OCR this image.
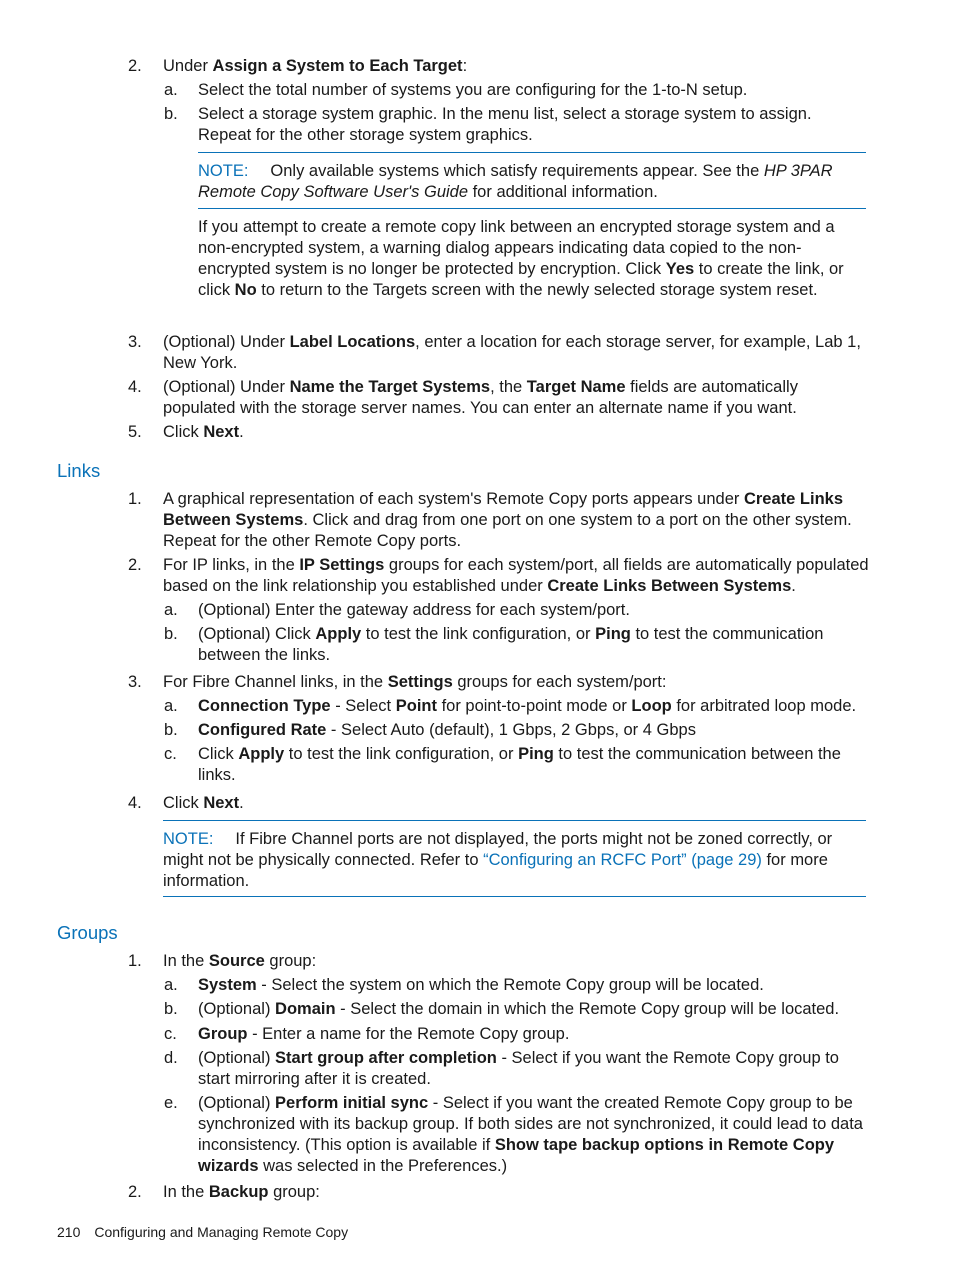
2. Under Assign a System to Each Target:
a. Select the total number of systems you are configuring for the 1-to-N setup.
b. Select a storage system graphic. In the menu list, select a storage system to assign. Repeat for the other storage system graphics.
NOTE: Only available systems which satisfy requirements appear. See the HP 3PAR Remote Copy Software User's Guide for additional information.
If you attempt to create a remote copy link between an encrypted storage system and a non-encrypted system, a warning dialog appears indicating data copied to the non-encrypted system is no longer be protected by encryption. Click Yes to create the link, or click No to return to the Targets screen with the newly selected storage system reset.
3. (Optional) Under Label Locations, enter a location for each storage server, for example, Lab 1, New York.
4. (Optional) Under Name the Target Systems, the Target Name fields are automatically populated with the storage server names. You can enter an alternate name if you want.
5. Click Next.
Links
1. A graphical representation of each system's Remote Copy ports appears under Create Links Between Systems. Click and drag from one port on one system to a port on the other system. Repeat for the other Remote Copy ports.
2. For IP links, in the IP Settings groups for each system/port, all fields are automatically populated based on the link relationship you established under Create Links Between Systems.
a. (Optional) Enter the gateway address for each system/port.
b. (Optional) Click Apply to test the link configuration, or Ping to test the communication between the links.
3. For Fibre Channel links, in the Settings groups for each system/port:
a. Connection Type - Select Point for point-to-point mode or Loop for arbitrated loop mode.
b. Configured Rate - Select Auto (default), 1 Gbps, 2 Gbps, or 4 Gbps
c. Click Apply to test the link configuration, or Ping to test the communication between the links.
4. Click Next.
NOTE: If Fibre Channel ports are not displayed, the ports might not be zoned correctly, or might not be physically connected. Refer to “Configuring an RCFC Port” (page 29) for more information.
Groups
1. In the Source group:
a. System - Select the system on which the Remote Copy group will be located.
b. (Optional) Domain - Select the domain in which the Remote Copy group will be located.
c. Group - Enter a name for the Remote Copy group.
d. (Optional) Start group after completion - Select if you want the Remote Copy group to start mirroring after it is created.
e. (Optional) Perform initial sync - Select if you want the created Remote Copy group to be synchronized with its backup group. If both sides are not synchronized, it could lead to data inconsistency. (This option is available if Show tape backup options in Remote Copy wizards was selected in the Preferences.)
2. In the Backup group:
210 Configuring and Managing Remote Copy
